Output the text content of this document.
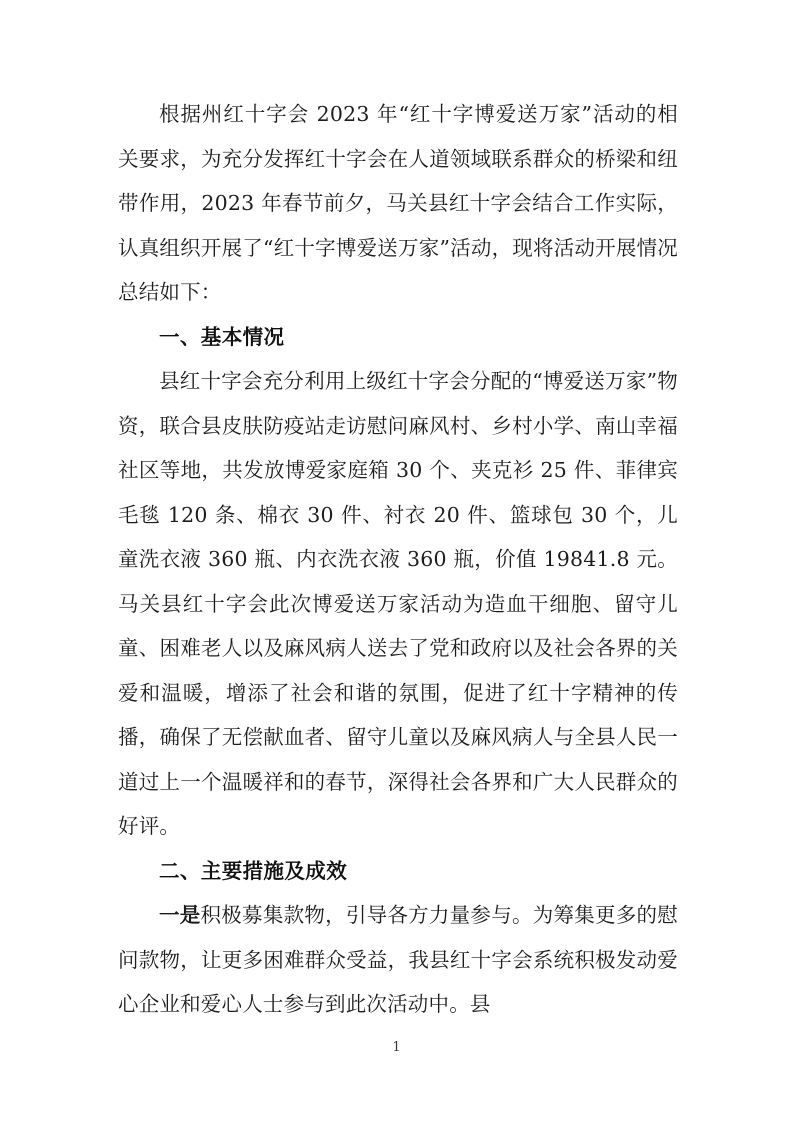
根据州红十字会 2023 年“红十字博爱送万家”活动的相关要求，为充分发挥红十字会在人道领域联系群众的桥梁和纽带作用，2023 年春节前夕，马关县红十字会结合工作实际，认真组织开展了“红十字博爱送万家”活动，现将活动开展情况总结如下：

一、基本情况

县红十字会充分利用上级红十字会分配的“博爱送万家”物资，联合县皮肤防疫站走访慰问麻风村、乡村小学、南山幸福社区等地，共发放博爱家庭箱 30 个、夹克衫 25 件、菲律宾毛毯 120 条、棉衣 30 件、衬衣 20 件、篮球包 30 个，儿童洗衣液 360 瓶、内衣洗衣液 360 瓶，价值 19841.8 元。马关县红十字会此次博爱送万家活动为造血干细胞、留守儿童、困难老人以及麻风病人送去了党和政府以及社会各界的关爱和温暖，增添了社会和谐的氛围，促进了红十字精神的传播，确保了无偿献血者、留守儿童以及麻风病人与全县人民一道过上一个温暖祥和的春节，深得社会各界和广大人民群众的好评。

二、主要措施及成效

一是积极募集款物，引导各方力量参与。为筹集更多的慰问款物，让更多困难群众受益，我县红十字会系统积极发动爱心企业和爱心人士参与到此次活动中。县

1
